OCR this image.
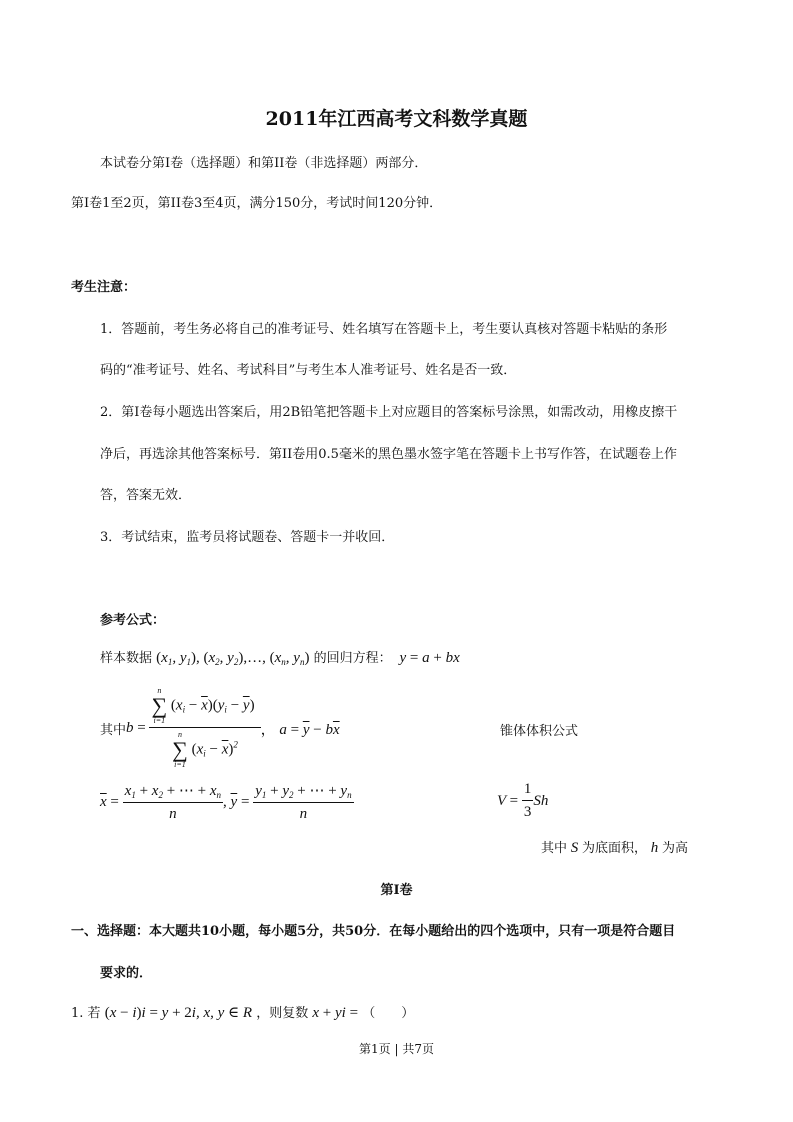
2011年江西高考文科数学真题
本试卷分第I卷（选择题）和第II卷（非选择题）两部分．
第I卷1至2页，第II卷3至4页，满分150分，考试时间120分钟．
考生注意：
1．答题前，考生务必将自己的准考证号、姓名填写在答题卡上，考生要认真核对答题卡粘贴的条形
码的“准考证号、姓名、考试科目”与考生本人准考证号、姓名是否一致．
2．第I卷每小题选出答案后，用2B铅笔把答题卡上对应题目的答案标号涂黑，如需改动，用橡皮擦干
净后，再选涂其他答案标号．第II卷用0.5毫米的黑色墨水签字笔在答题卡上书写作答，在试题卷上作
答，答案无效．
3．考试结束，监考员将试题卷、答题卡一并收回．
参考公式：
样本数据 ($x_1$, $y_1$), ($x_2$, $y_2),\dots$, ($x_n$, $y_n$) 的回归方程：  y = a + bx
其中 b = n
∑
i=1
$(x_i - \overline{x})(y_i - \overline{y})$
n
∑
i=1
$(x_i - \overline{x})^2$ ， $a = \overline{y} - b\overline{x}$	锥体体积公式
$\overline{x} = \frac{x_1 + x_2 + \cdots + x_n}{n}$ , $\overline{y} = \frac{y_1 + y_2 + \cdots + y_n}{n}$	$V = \frac{1}{3}$ Sh
其中 S 为底面积， h 为高
第I卷
一、选择题：本大题共10小题，每小题5分，共50分．在每小题给出的四个选项中，只有一项是符合题目
要求的．
1. 若 (x − i)i = y + 2i, x, y ∈ R ，则复数 x + yi = （　　）
第1页 | 共7页
